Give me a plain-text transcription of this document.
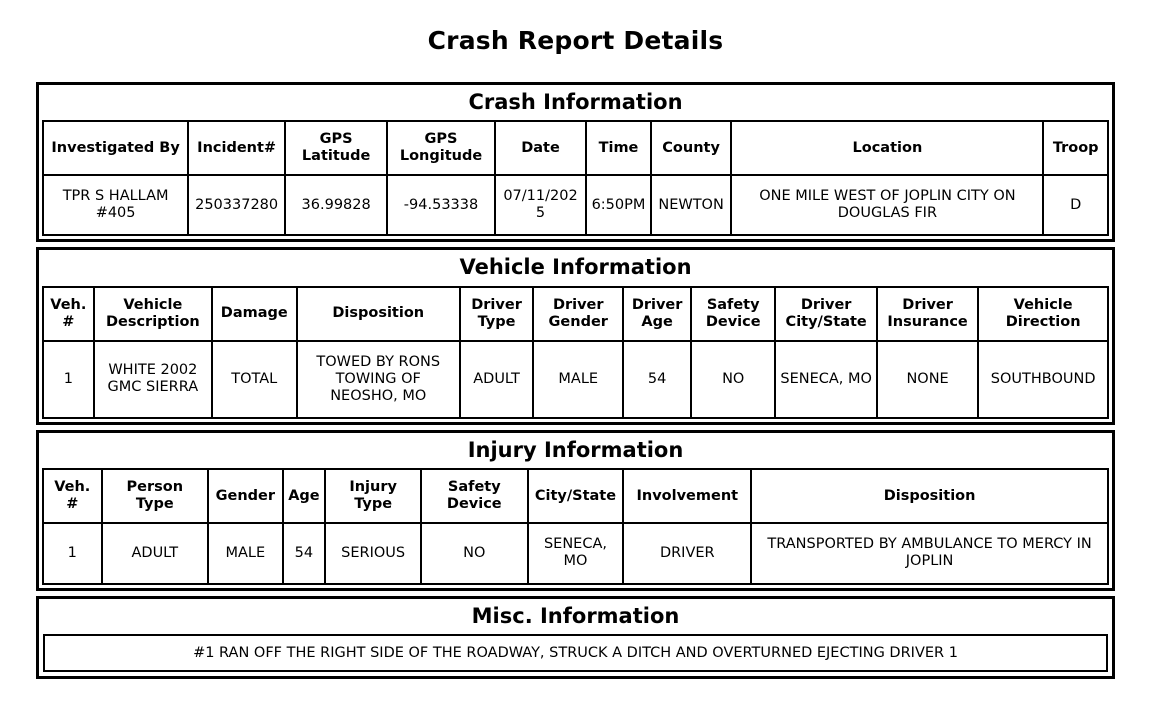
Crash Report Details
Crash Information
Investigated By	Incident#	GPS Latitude	GPS Longitude	Date	Time	County	Location	Troop
TPR S HALLAM #405	250337280	36.99828	-94.53338	07/11/2025	6:50PM	NEWTON	ONE MILE WEST OF JOPLIN CITY ON DOUGLAS FIR	D
Vehicle Information
Veh. #	Vehicle Description	Damage	Disposition	Driver Type	Driver Gender	Driver Age	Safety Device	Driver City/State	Driver Insurance	Vehicle Direction
1	WHITE 2002 GMC SIERRA	TOTAL	TOWED BY RONS TOWING OF NEOSHO, MO	ADULT	MALE	54	NO	SENECA, MO	NONE	SOUTHBOUND
Injury Information
Veh. #	Person Type	Gender	Age	Injury Type	Safety Device	City/State	Involvement	Disposition
1	ADULT	MALE	54	SERIOUS	NO	SENECA, MO	DRIVER	TRANSPORTED BY AMBULANCE TO MERCY IN JOPLIN
Misc. Information
#1 RAN OFF THE RIGHT SIDE OF THE ROADWAY, STRUCK A DITCH AND OVERTURNED EJECTING DRIVER 1
